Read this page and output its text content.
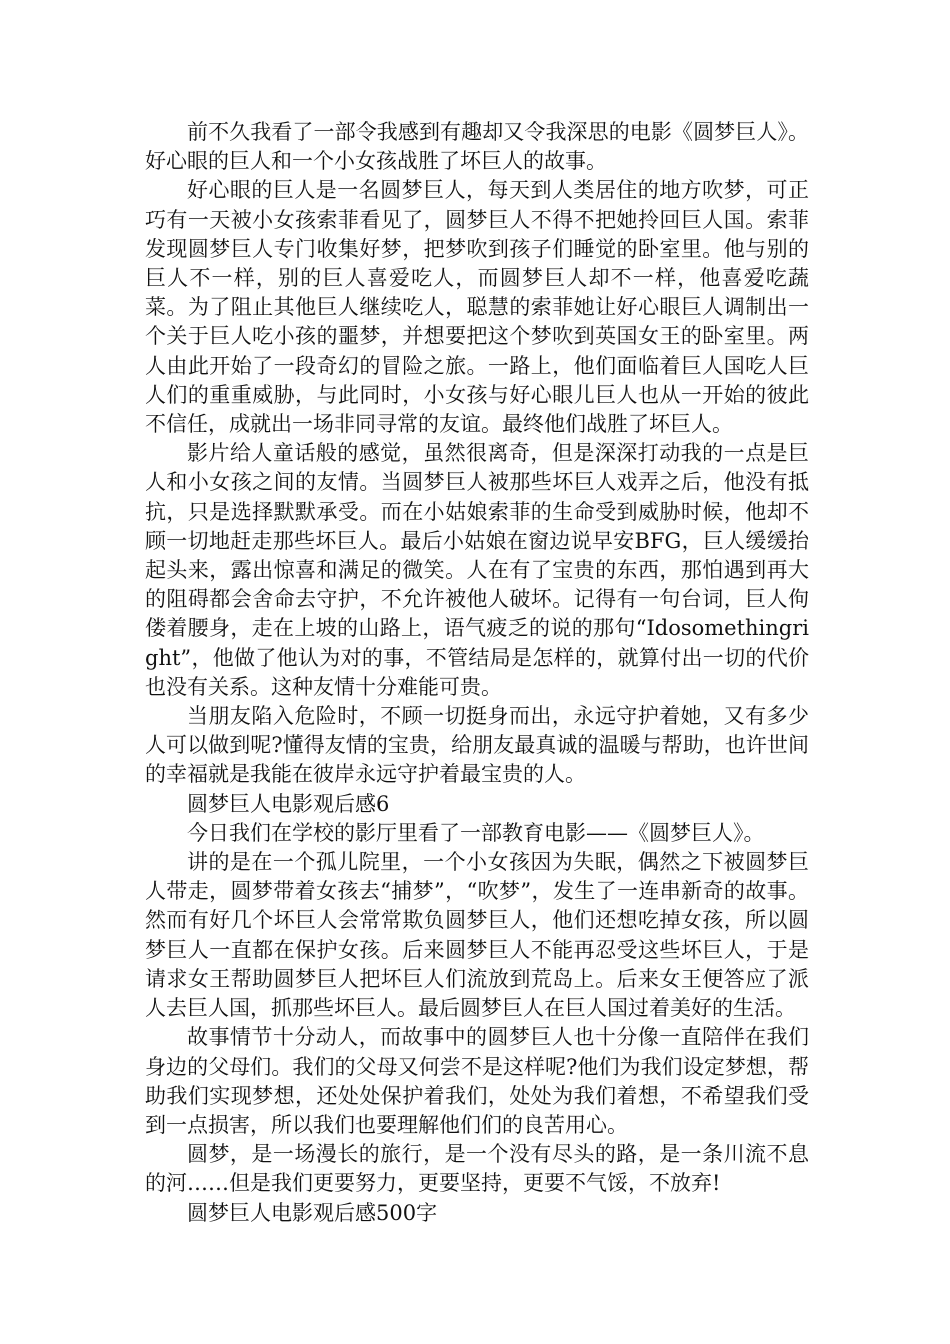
前不久我看了一部令我感到有趣却又令我深思的电影《圆梦巨人》。好心眼的巨人和一个小女孩战胜了坏巨人的故事。

好心眼的巨人是一名圆梦巨人，每天到人类居住的地方吹梦，可正巧有一天被小女孩索菲看见了，圆梦巨人不得不把她拎回巨人国。索菲发现圆梦巨人专门收集好梦，把梦吹到孩子们睡觉的卧室里。他与别的巨人不一样，别的巨人喜爱吃人，而圆梦巨人却不一样，他喜爱吃蔬菜。为了阻止其他巨人继续吃人，聪慧的索菲她让好心眼巨人调制出一个关于巨人吃小孩的噩梦，并想要把这个梦吹到英国女王的卧室里。两人由此开始了一段奇幻的冒险之旅。一路上，他们面临着巨人国吃人巨人们的重重威胁，与此同时，小女孩与好心眼儿巨人也从一开始的彼此不信任，成就出一场非同寻常的友谊。最终他们战胜了坏巨人。

影片给人童话般的感觉，虽然很离奇，但是深深打动我的一点是巨人和小女孩之间的友情。当圆梦巨人被那些坏巨人戏弄之后，他没有抵抗，只是选择默默承受。而在小姑娘索菲的生命受到威胁时候，他却不顾一切地赶走那些坏巨人。最后小姑娘在窗边说早安BFG，巨人缓缓抬起头来，露出惊喜和满足的微笑。人在有了宝贵的东西，那怕遇到再大的阻碍都会舍命去守护，不允许被他人破坏。记得有一句台词，巨人佝偻着腰身，走在上坡的山路上，语气疲乏的说的那句“Idosomethingright”，他做了他认为对的事，不管结局是怎样的，就算付出一切的代价也没有关系。这种友情十分难能可贵。

当朋友陷入危险时，不顾一切挺身而出，永远守护着她，又有多少人可以做到呢?懂得友情的宝贵，给朋友最真诚的温暖与帮助，也许世间的幸福就是我能在彼岸永远守护着最宝贵的人。

圆梦巨人电影观后感6

今日我们在学校的影厅里看了一部教育电影——《圆梦巨人》。

讲的是在一个孤儿院里，一个小女孩因为失眠，偶然之下被圆梦巨人带走，圆梦带着女孩去“捕梦”，“吹梦”，发生了一连串新奇的故事。然而有好几个坏巨人会常常欺负圆梦巨人，他们还想吃掉女孩，所以圆梦巨人一直都在保护女孩。后来圆梦巨人不能再忍受这些坏巨人，于是请求女王帮助圆梦巨人把坏巨人们流放到荒岛上。后来女王便答应了派人去巨人国，抓那些坏巨人。最后圆梦巨人在巨人国过着美好的生活。

故事情节十分动人，而故事中的圆梦巨人也十分像一直陪伴在我们身边的父母们。我们的父母又何尝不是这样呢?他们为我们设定梦想，帮助我们实现梦想，还处处保护着我们，处处为我们着想，不希望我们受到一点损害，所以我们也要理解他们们的良苦用心。

圆梦，是一场漫长的旅行，是一个没有尽头的路，是一条川流不息的河……但是我们更要努力，更要坚持，更要不气馁，不放弃!

圆梦巨人电影观后感500字
